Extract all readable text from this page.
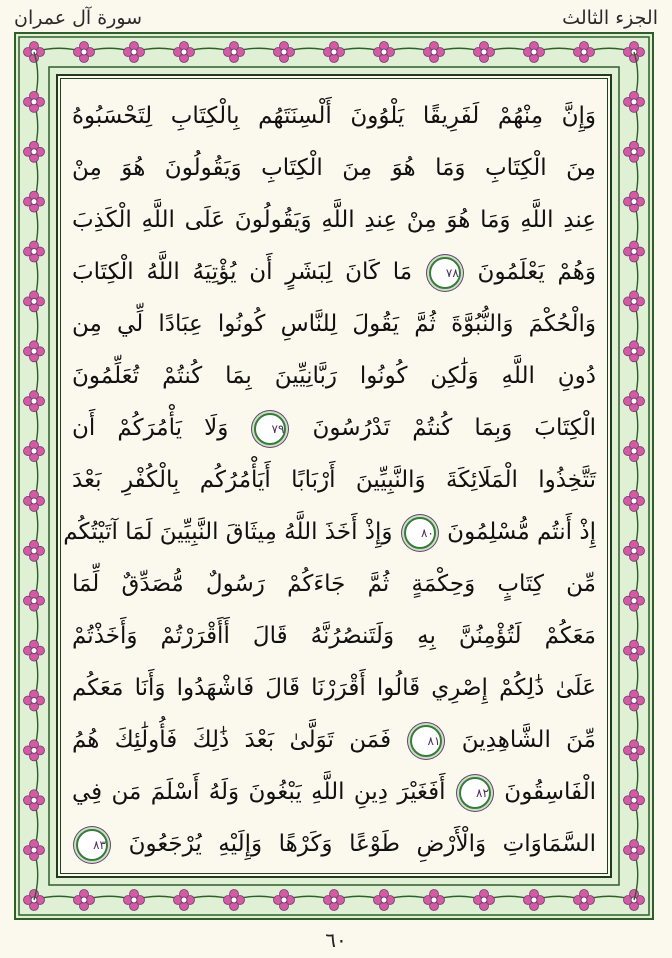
الجزء الثالث
سورة آل عمران
وَإِنَّ مِنْهُمْ لَفَرِيقًا يَلْوُونَ أَلْسِنَتَهُم بِالْكِتَابِ لِتَحْسَبُوهُ
مِنَ الْكِتَابِ وَمَا هُوَ مِنَ الْكِتَابِ وَيَقُولُونَ هُوَ مِنْ
عِندِ اللَّهِ وَمَا هُوَ مِنْ عِندِ اللَّهِ وَيَقُولُونَ عَلَى اللَّهِ الْكَذِبَ
وَهُمْ يَعْلَمُونَ ٧٨ مَا كَانَ لِبَشَرٍ أَن يُؤْتِيَهُ اللَّهُ الْكِتَابَ
وَالْحُكْمَ وَالنُّبُوَّةَ ثُمَّ يَقُولَ لِلنَّاسِ كُونُوا عِبَادًا لِّي مِن
دُونِ اللَّهِ وَلَٰكِن كُونُوا رَبَّانِيِّينَ بِمَا كُنتُمْ تُعَلِّمُونَ
الْكِتَابَ وَبِمَا كُنتُمْ تَدْرُسُونَ ٧٩ وَلَا يَأْمُرَكُمْ أَن
تَتَّخِذُوا الْمَلَائِكَةَ وَالنَّبِيِّينَ أَرْبَابًا أَيَأْمُرُكُم بِالْكُفْرِ بَعْدَ
إِذْ أَنتُم مُّسْلِمُونَ ٨٠ وَإِذْ أَخَذَ اللَّهُ مِيثَاقَ النَّبِيِّينَ لَمَا آتَيْتُكُم
مِّن كِتَابٍ وَحِكْمَةٍ ثُمَّ جَاءَكُمْ رَسُولٌ مُّصَدِّقٌ لِّمَا
مَعَكُمْ لَتُؤْمِنُنَّ بِهِ وَلَتَنصُرُنَّهُ قَالَ أَأَقْرَرْتُمْ وَأَخَذْتُمْ
عَلَىٰ ذَٰلِكُمْ إِصْرِي قَالُوا أَقْرَرْنَا قَالَ فَاشْهَدُوا وَأَنَا مَعَكُم
مِّنَ الشَّاهِدِينَ ٨١ فَمَن تَوَلَّىٰ بَعْدَ ذَٰلِكَ فَأُولَٰئِكَ هُمُ
الْفَاسِقُونَ ٨٢ أَفَغَيْرَ دِينِ اللَّهِ يَبْغُونَ وَلَهُ أَسْلَمَ مَن فِي
السَّمَاوَاتِ وَالْأَرْضِ طَوْعًا وَكَرْهًا وَإِلَيْهِ يُرْجَعُونَ ٨٣
٦٠
